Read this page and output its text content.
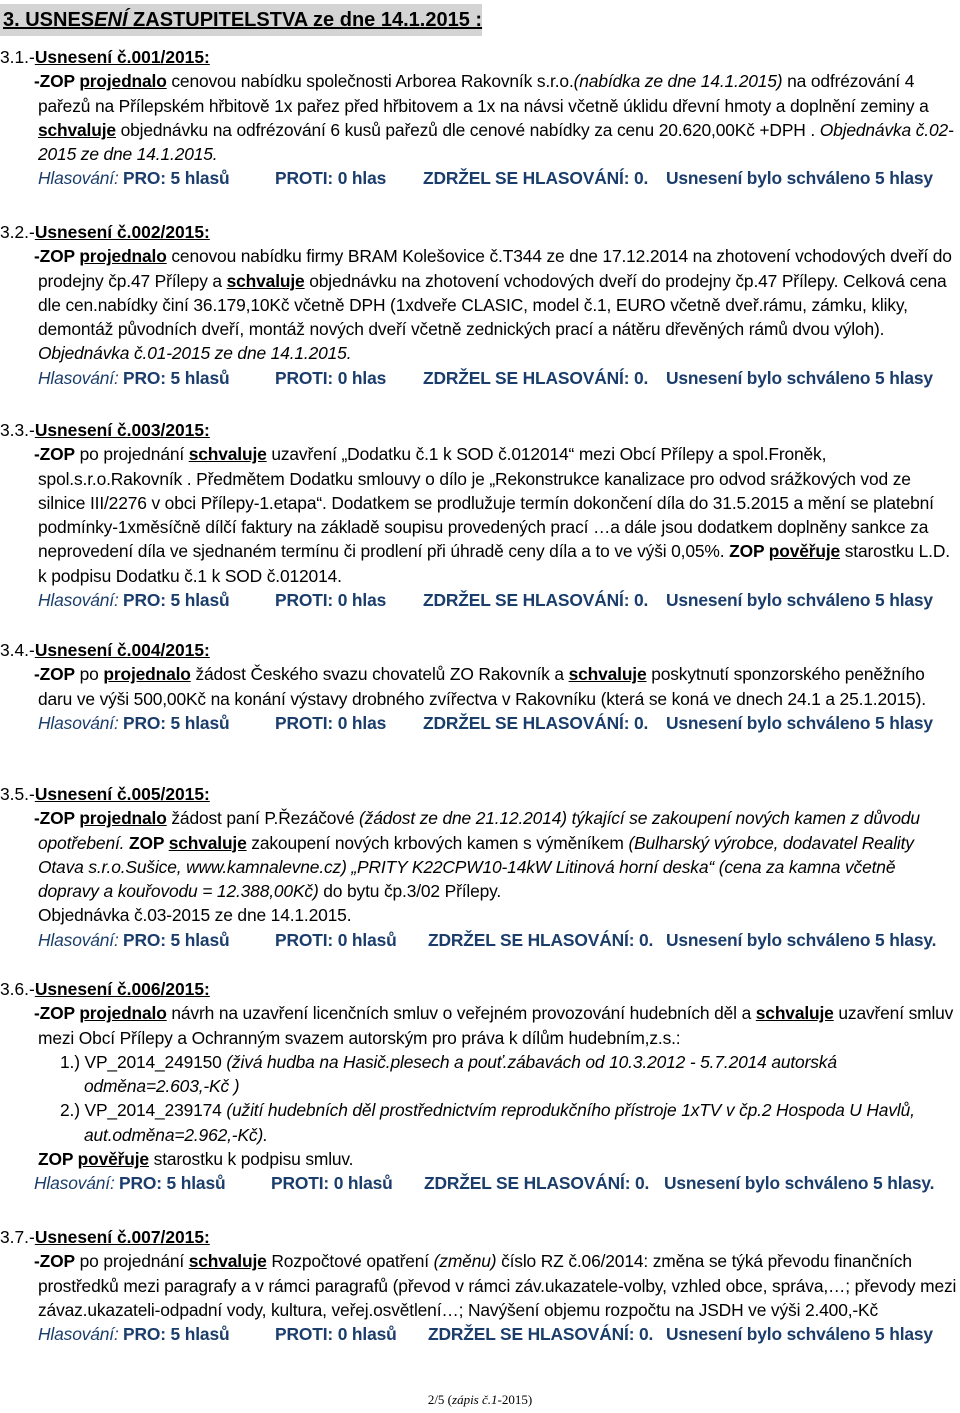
3. USNESENÍ ZASTUPITELSTVA ze dne 14.1.2015 :
3.1.-Usnesení č.001/2015:

-ZOP projednalo cenovou nabídku společnosti Arborea Rakovník s.r.o.(nabídka ze dne 14.1.2015) na odfrézování 4 pařezů na Přílepském hřbitově 1x pařez před hřbitovem a 1x na návsi včetně úklidu dřevní hmoty a doplnění zeminy a schvaluje objednávku na odfrézování 6 kusů pařezů dle cenové nabídky za cenu 20.620,00Kč +DPH . Objednávka č.02-2015 ze dne 14.1.2015.

Hlasování: PRO: 5 hlasů	PROTI: 0 hlas ZDRŽEL SE HLASOVÁNÍ: 0. Usnesení bylo schváleno 5 hlasy
3.2.-Usnesení č.002/2015:

-ZOP projednalo cenovou nabídku firmy BRAM Kolešovice č.T344 ze dne 17.12.2014 na zhotovení vchodových dveří do prodejny čp.47 Přílepy a schvaluje objednávku na zhotovení vchodových dveří do prodejny čp.47 Přílepy. Celková cena dle cen.nabídky činí 36.179,10Kč včetně DPH (1xdveře CLASIC, model č.1, EURO včetně dveř.rámu, zámku, kliky, demontáž původních dveří, montáž nových dveří včetně zednických prací a nátěru dřevěných rámů dvou výloh). Objednávka č.01-2015 ze dne 14.1.2015.

Hlasování: PRO: 5 hlasů	PROTI: 0 hlas ZDRŽEL SE HLASOVÁNÍ: 0. Usnesení bylo schváleno 5 hlasy
3.3.-Usnesení č.003/2015:

-ZOP po projednání schvaluje uzavření „Dodatku č.1 k SOD č.012014“ mezi Obcí Přílepy a spol.Froněk, spol.s.r.o.Rakovník . Předmětem Dodatku smlouvy o dílo je „Rekonstrukce kanalizace pro odvod srážkových vod ze silnice III/2276 v obci Přílepy-1.etapa“. Dodatkem se prodlužuje termín dokončení díla do 31.5.2015 a mění se platební podmínky-1xměsíčně dílčí faktury na základě soupisu provedených prací …a dále jsou dodatkem doplněny sankce za neprovedení díla ve sjednaném termínu či prodlení při úhradě ceny díla a to ve výši 0,05%. ZOP pověřuje starostku L.D. k podpisu Dodatku č.1 k SOD č.012014.

Hlasování: PRO: 5 hlasů	PROTI: 0 hlas ZDRŽEL SE HLASOVÁNÍ: 0. Usnesení bylo schváleno 5 hlasy
3.4.-Usnesení č.004/2015:

-ZOP po projednalo žádost Českého svazu chovatelů ZO Rakovník a schvaluje poskytnutí sponzorského peněžního daru ve výši 500,00Kč na konání výstavy drobného zvířectva v Rakovníku (která se koná ve dnech 24.1 a 25.1.2015).

Hlasování: PRO: 5 hlasů	PROTI: 0 hlas ZDRŽEL SE HLASOVÁNÍ: 0. Usnesení bylo schváleno 5 hlasy
3.5.-Usnesení č.005/2015:

-ZOP projednalo žádost paní P.Řezáčové (žádost ze dne 21.12.2014) týkající se zakoupení nových kamen z důvodu opotřebení. ZOP schvaluje zakoupení nových krbových kamen s výměníkem (Bulharský výrobce, dodavatel Reality Otava s.r.o.Sušice, www.kamnalevne.cz) „PRITY K22CPW10-14kW Litinová horní deska“ (cena za kamna včetně dopravy a kouřovodu = 12.388,00Kč) do bytu čp.3/02 Přílepy.

Objednávka č.03-2015 ze dne 14.1.2015.

Hlasování: PRO: 5 hlasů	PROTI: 0 hlasů ZDRŽEL SE HLASOVÁNÍ: 0. Usnesení bylo schváleno 5 hlasy.
3.6.-Usnesení č.006/2015:

-ZOP projednalo návrh na uzavření licenčních smluv o veřejném provozování hudebních děl a schvaluje uzavření smluv mezi Obcí Přílepy a Ochranným svazem autorským pro práva k dílům hudebním,z.s.:

1.) VP_2014_249150 (živá hudba na Hasič.plesech a pouť.zábavách od 10.3.2012 - 5.7.2014 autorská odměna=2.603,-Kč )

2.) VP_2014_239174 (užití hudebních děl prostřednictvím reprodukčního přístroje 1xTV v čp.2 Hospoda U Havlů, aut.odměna=2.962,-Kč).

ZOP pověřuje starostku k podpisu smluv.

Hlasování: PRO: 5 hlasů	PROTI: 0 hlasů ZDRŽEL SE HLASOVÁNÍ: 0. Usnesení bylo schváleno 5 hlasy.
3.7.-Usnesení č.007/2015:

-ZOP po projednání schvaluje Rozpočtové opatření (změnu) číslo RZ č.06/2014: změna se týká převodu finančních prostředků mezi paragrafy a v rámci paragrafů (převod v rámci záv.ukazatele-volby, vzhled obce, správa,…; převody mezi závaz.ukazateli-odpadní vody, kultura, veřej.osvětlení…; Navýšení objemu rozpočtu na JSDH ve výši 2.400,-Kč

Hlasování: PRO: 5 hlasů	PROTI: 0 hlasů ZDRŽEL SE HLASOVÁNÍ: 0. Usnesení bylo schváleno 5 hlasy
2/5 (zápis č.1-2015)
